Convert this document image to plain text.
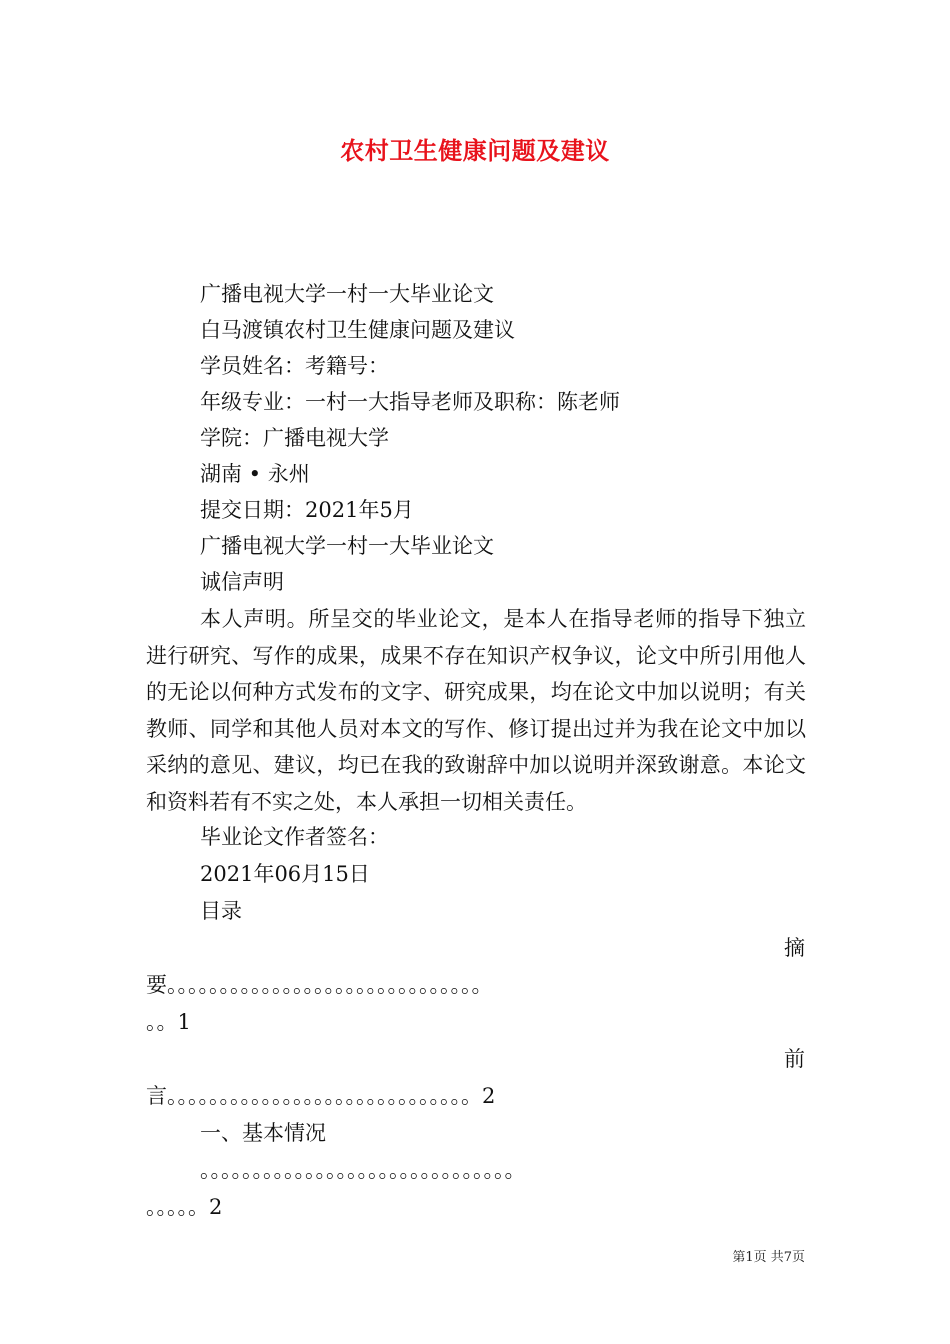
农村卫生健康问题及建议
广播电视大学一村一大毕业论文
白马渡镇农村卫生健康问题及建议
学员姓名：考籍号：
年级专业：一村一大指导老师及职称：陈老师
学院：广播电视大学
湖南 • 永州
提交日期：2021年5月
广播电视大学一村一大毕业论文
诚信声明
本人声明。所呈交的毕业论文，是本人在指导老师的指导下独立进行研究、写作的成果，成果不存在知识产权争议，论文中所引用他人的无论以何种方式发布的文字、研究成果，均在论文中加以说明；有关教师、同学和其他人员对本文的写作、修订提出过并为我在论文中加以采纳的意见、建议，均已在我的致谢辞中加以说明并深致谢意。本论文和资料若有不实之处，本人承担一切相关责任。
毕业论文作者签名：
2021年06月15日
目录
摘
要。。。。。。。。。。。。。。。。。。。。。。。。。。。。。。
。。1
前
言。。。。。。。。。。。。。。。。。。。。。。。。。。。。。2
一、基本情况
。。。。。。。。。。。。。。。。。。。。。。。。。。。。。。
。。。。。2
第1页 共7页
